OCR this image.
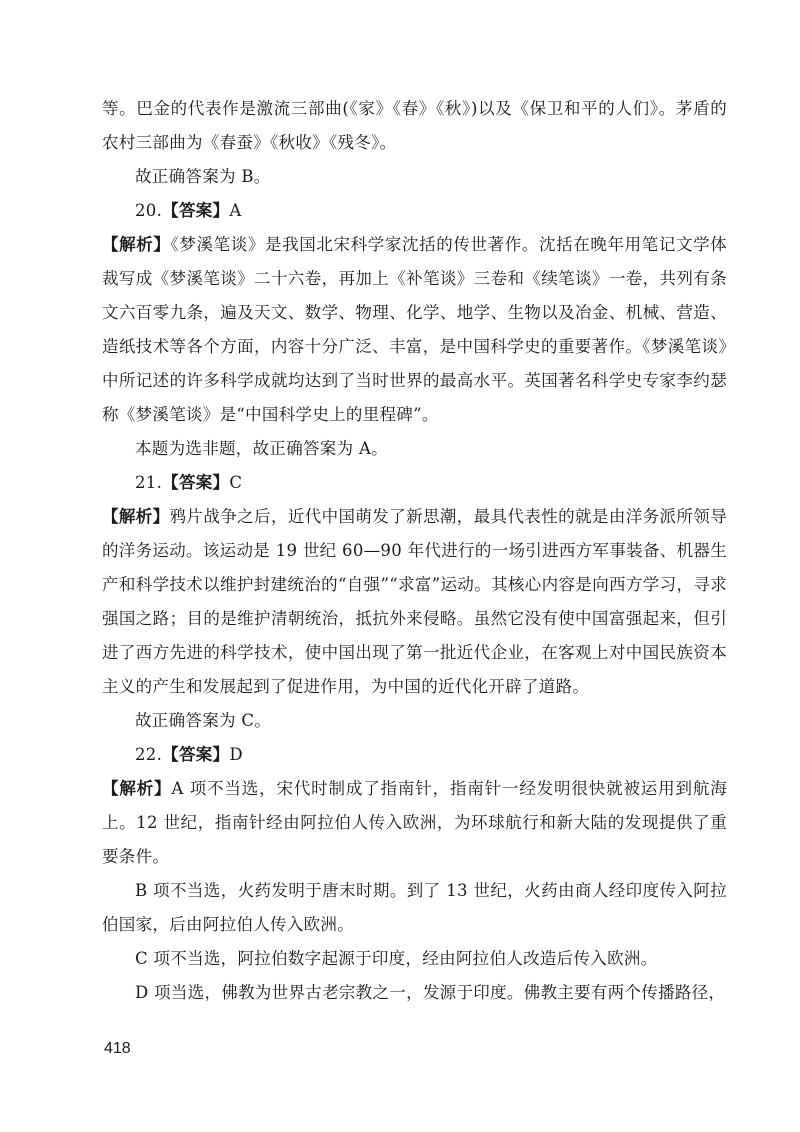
等。巴金的代表作是激流三部曲(《家》《春》《秋》)以及《保卫和平的人们》。茅盾的农村三部曲为《春蚕》《秋收》《残冬》。

故正确答案为 B。

20.【答案】A

【解析】《梦溪笔谈》是我国北宋科学家沈括的传世著作。沈括在晚年用笔记文学体裁写成《梦溪笔谈》二十六卷，再加上《补笔谈》三卷和《续笔谈》一卷，共列有条文六百零九条，遍及天文、数学、物理、化学、地学、生物以及冶金、机械、营造、造纸技术等各个方面，内容十分广泛、丰富，是中国科学史的重要著作。《梦溪笔谈》中所记述的许多科学成就均达到了当时世界的最高水平。英国著名科学史专家李约瑟称《梦溪笔谈》是“中国科学史上的里程碑”。

本题为选非题，故正确答案为 A。

21.【答案】C

【解析】鸦片战争之后，近代中国萌发了新思潮，最具代表性的就是由洋务派所领导的洋务运动。该运动是 19 世纪 60—90 年代进行的一场引进西方军事装备、机器生产和科学技术以维护封建统治的“自强”“求富”运动。其核心内容是向西方学习，寻求强国之路；目的是维护清朝统治，抵抗外来侵略。虽然它没有使中国富强起来，但引进了西方先进的科学技术，使中国出现了第一批近代企业，在客观上对中国民族资本主义的产生和发展起到了促进作用，为中国的近代化开辟了道路。

故正确答案为 C。

22.【答案】D

【解析】A 项不当选，宋代时制成了指南针，指南针一经发明很快就被运用到航海上。12 世纪，指南针经由阿拉伯人传入欧洲，为环球航行和新大陆的发现提供了重要条件。

B 项不当选，火药发明于唐末时期。到了 13 世纪，火药由商人经印度传入阿拉伯国家，后由阿拉伯人传入欧洲。

C 项不当选，阿拉伯数字起源于印度，经由阿拉伯人改造后传入欧洲。

D 项当选，佛教为世界古老宗教之一，发源于印度。佛教主要有两个传播路径，

418
